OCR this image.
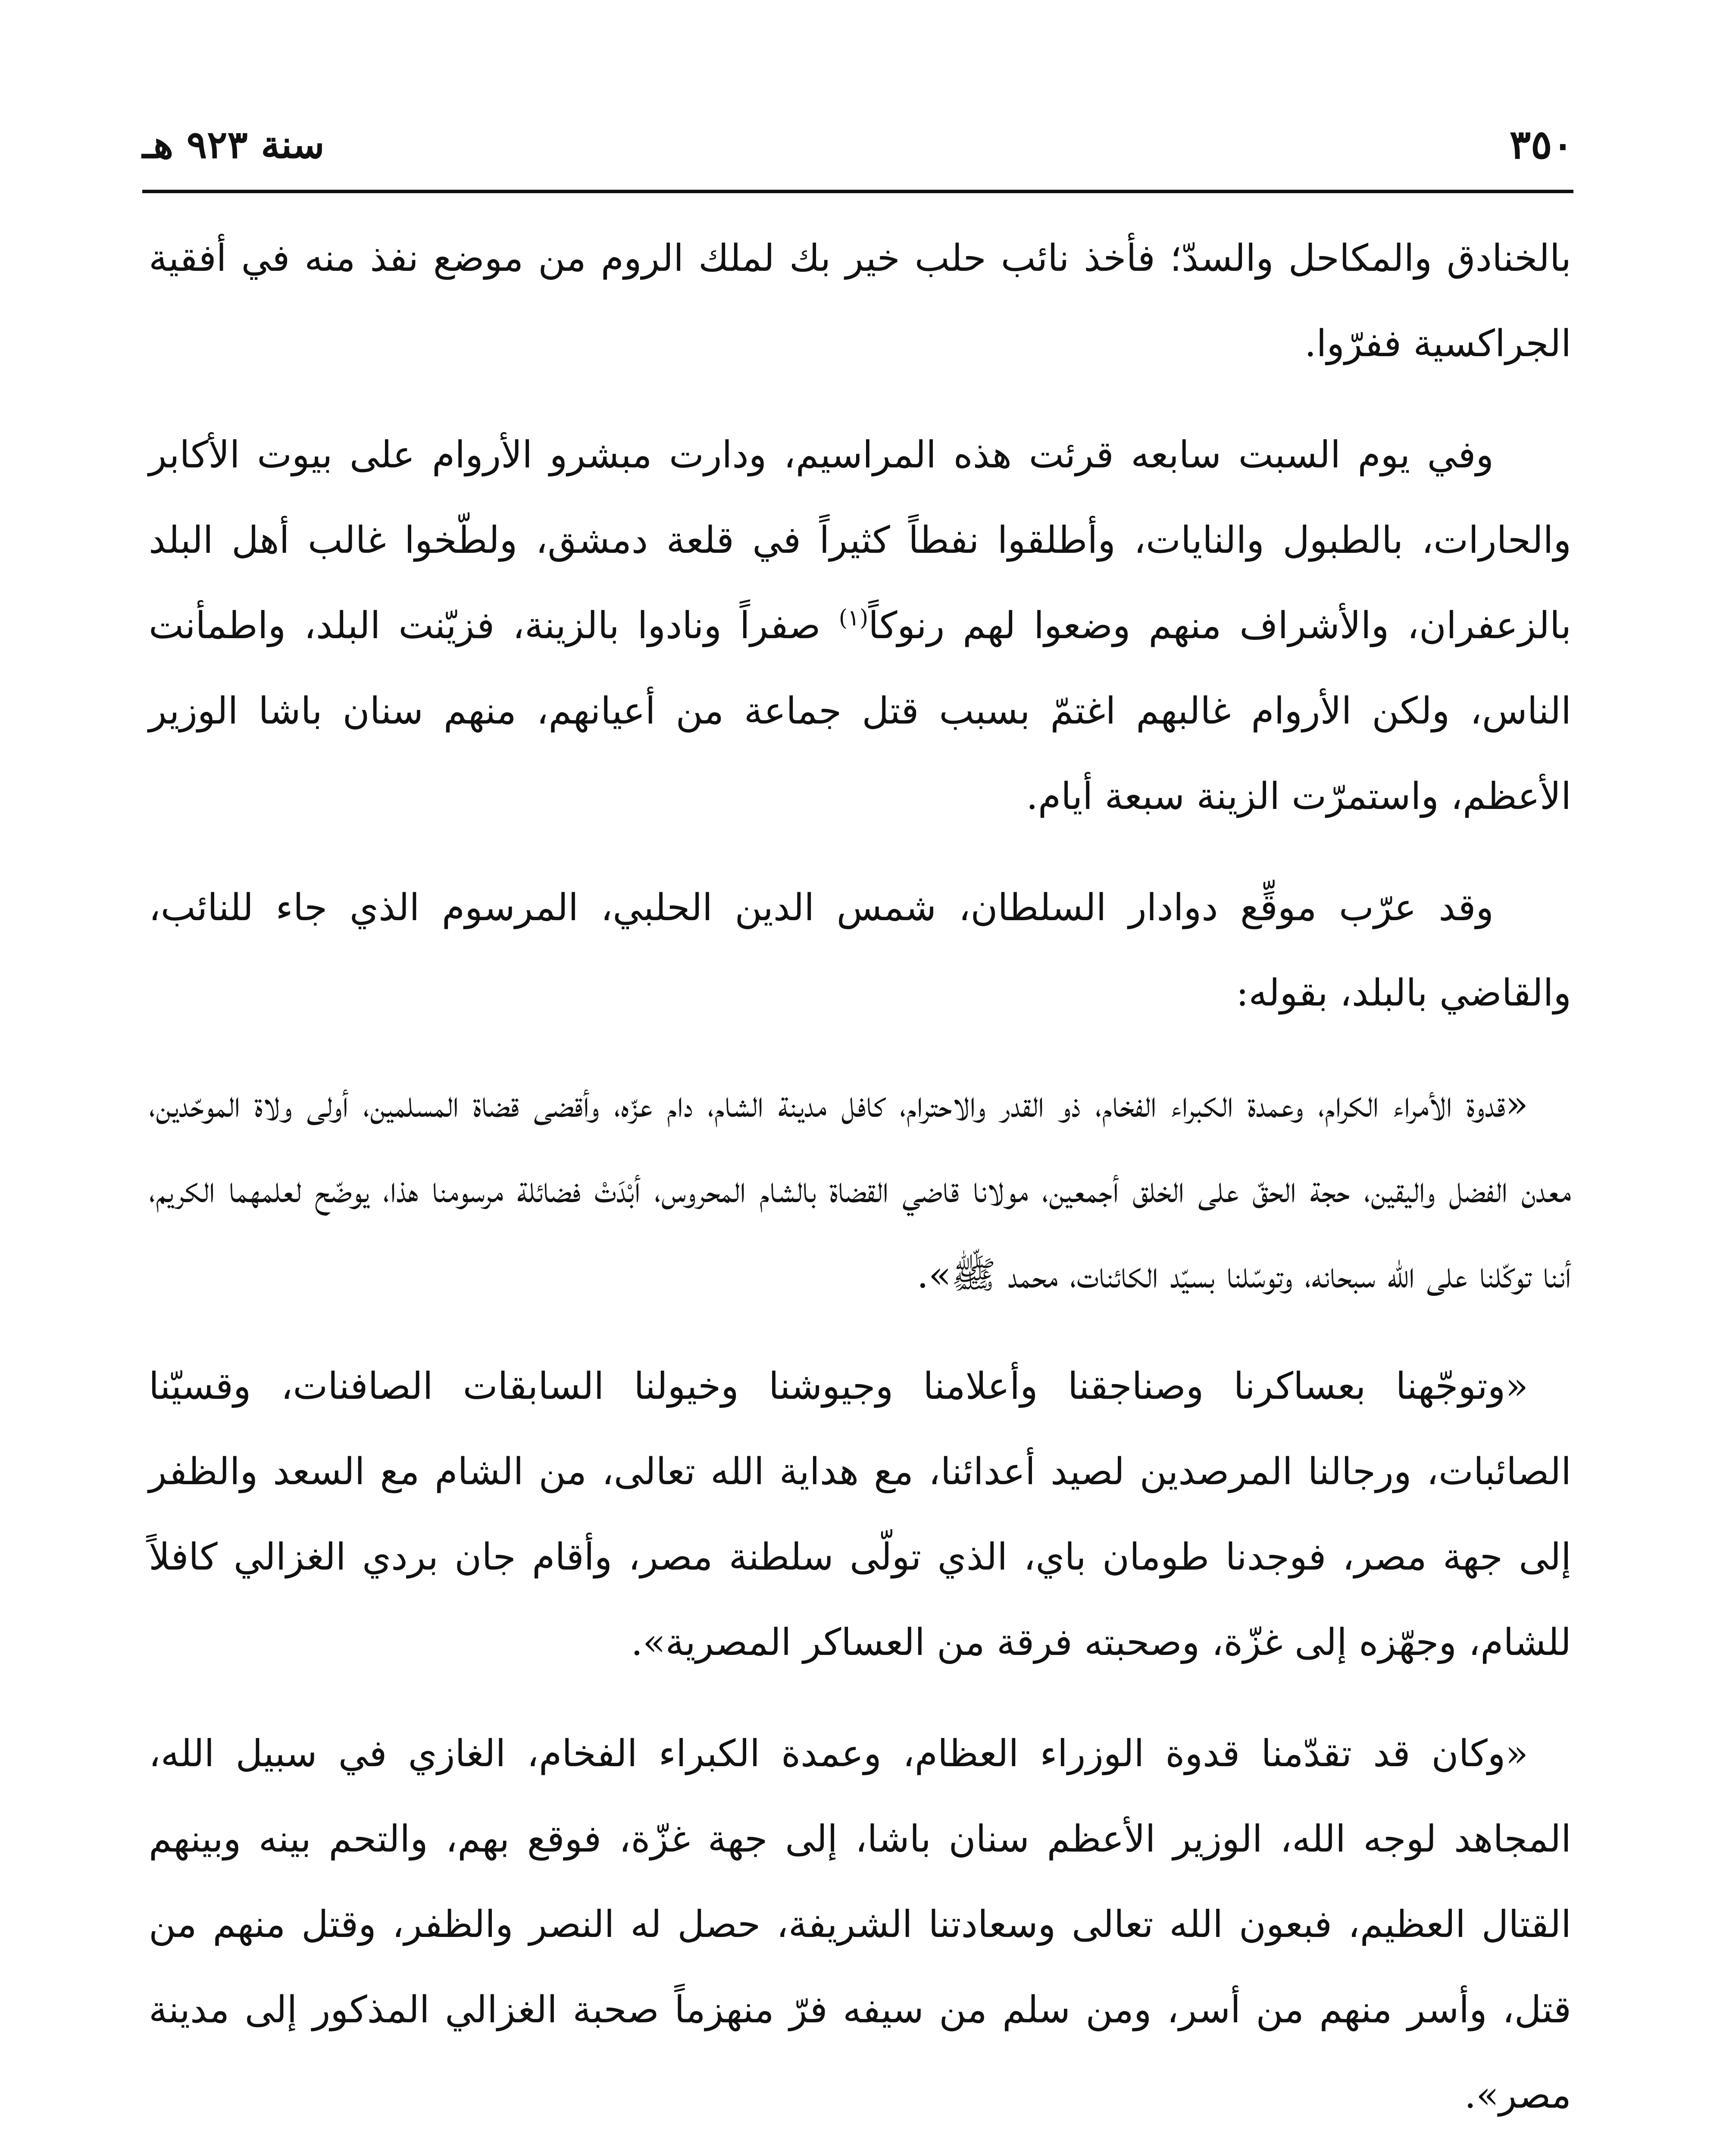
٣٥٠
سنة ٩٢٣ هـ

بالخنادق والمكاحل والسدّ؛ فأخذ نائب حلب خير بك لملك الروم من موضع نفذ منه في أفقية الجراكسية ففرّوا.

وفي يوم السبت سابعه قرئت هذه المراسيم، ودارت مبشرو الأروام على بيوت الأكابر والحارات، بالطبول والنايات، وأطلقوا نفطاً كثيراً في قلعة دمشق، ولطّخوا غالب أهل البلد بالزعفران، والأشراف منهم وضعوا لهم رنوكاً$^{(١)}$ صفراً ونادوا بالزينة، فزيّنت البلد، واطمأنت الناس، ولكن الأروام غالبهم اغتمّ بسبب قتل جماعة من أعيانهم، منهم سنان باشا الوزير الأعظم، واستمرّت الزينة سبعة أيام.

وقد عرّب موقِّع دوادار السلطان، شمس الدين الحلبي، المرسوم الذي جاء للنائب، والقاضي بالبلد، بقوله:

«قدوة الأمراء الكرام، وعمدة الكبراء الفخام، ذو القدر والاحترام، كافل مدينة الشام، دام عزّه، وأقضى قضاة المسلمين، أولى ولاة الموحّدين، معدن الفضل واليقين، حجة الحقّ على الخلق أجمعين، مولانا قاضي القضاة بالشام المحروس، أبْدَتْ فضائلة مرسومنا هذا، يوضّح لعلمهما الكريم، أننا توكّلنا على الله سبحانه، وتوسّلنا بسيّد الكائنات، محمد ﷺ».

«وتوجّهنا بعساكرنا وصناجقنا وأعلامنا وجيوشنا وخيولنا السابقات الصافنات، وقسيّنا الصائبات، ورجالنا المرصدين لصيد أعدائنا، مع هداية الله تعالى، من الشام مع السعد والظفر إلى جهة مصر، فوجدنا طومان باي، الذي تولّى سلطنة مصر، وأقام جان بردي الغزالي كافلاً للشام، وجهّزه إلى غزّة، وصحبته فرقة من العساكر المصرية».

«وكان قد تقدّمنا قدوة الوزراء العظام، وعمدة الكبراء الفخام، الغازي في سبيل الله، المجاهد لوجه الله، الوزير الأعظم سنان باشا، إلى جهة غزّة، فوقع بهم، والتحم بينه وبينهم القتال العظيم، فبعون الله تعالى وسعادتنا الشريفة، حصل له النصر والظفر، وقتل منهم من قتل، وأسر منهم من أسر، ومن سلم من سيفه فرّ منهزماً صحبة الغزالي المذكور إلى مدينة مصر».
